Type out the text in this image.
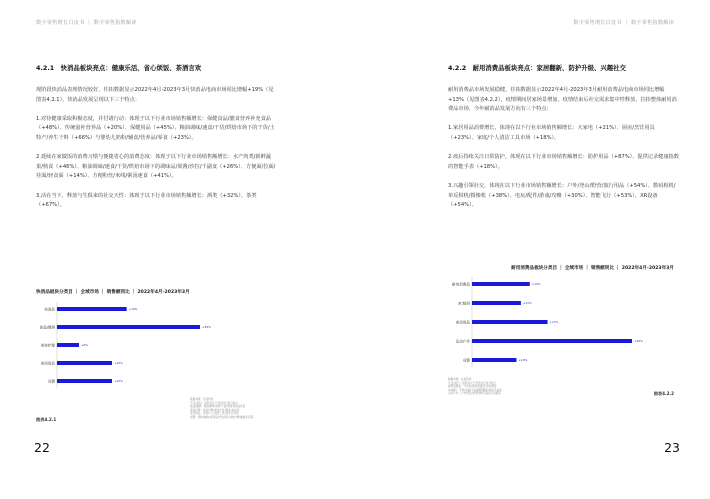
数字零售增长白皮书 ｜ 数字零售指数解读
4.2.1　快消品板块亮点：健康乐活、省心烦饭、茶酒言欢

现阶段快消品表现情况较好，任拓数据显示2022年4月-2023年3月快消品电商市场同比增幅+19%（见图表4.2.1），快消品发展呈现以下三个特点：

1.对待健康采取积极态度，并付诸行动：体现于以下行业市场销售额增长：保健食品/膳食营养补充食品（+48%）、传统滋补营养品（+20%）、保健用品（+45%）、粮油调味/速食/干货/烘焙市场下的干货/土特产/养生干料（+66%）与婴幼儿奶粉/辅食/营养品/零食（+23%）。

2.延续在家做饭的消费习惯与便捷省心的消费态度：体现于以下行业市场销售额增长：水产肉类/新鲜蔬果/熟食（+46%）、粮油调味/速食/干货/烘焙市场下的调味品/果酱/沙拉/千副食（+26%）、方便面/拉面/挂面/轻食面（+14%）、方便粉丝/米线/粥汤速食（+41%）。

3.活在当下，释放与生俱来的社交天性：体现于以下行业市场销售额增长：酒类（+32%）、茶类（+67%）。

快消品板块分类目 ｜ 全域市场 ｜ 销售额同比 ｜ 2022年4月-2023年3月
快消品	+19%
食品/烟酒	+39%
美容护理	+6%
家居用品	+15%
母婴	+15%
数据来源：任拓科技
*行业类目：按照对应子类目进行划分统计
食品/烟酒：粮油调味/速食/干货/烘焙等食品类目
美容护理：美容护理/美发护发/假发/彩妆等
家居用品：家庭/个人清洁工具/居家日用等
母婴：奶粉/辅食/营养品/零食/尿片/洗护/喂哺/推车床等
图表4.2.1
22
数字零售增长白皮书 ｜ 数字零售指数解读
4.2.2　耐用消费品板块亮点：家居翻新、防护升级、兴趣社交

耐用消费品市场发展稳健，任拓数据显示2022年4月-2023年3月耐用消费品电商市场同比增幅+13%（见图表4.2.2），疫情期间居家场景增加，疫情结束后社交需求集中性释放，拉抬整体耐用消费品市场，今年耐消品发展方向有三个特点：

1.家居用品消费增长，体现在以下行业市场销售额增长：大家电（+21%）、厨房/烹饪用具（+23%）、家庭/个人清洁工具市场（+18%）。

2.疫后持续关注日常防护，体现在以下行业市场销售额增长：防护用品（+87%）、提供记录健康指数的智能手表（+18%）。

3.兴趣引领社交，体现在以下行业市场销售额增长：户外/登山/野营/旅行用品（+54%）、数码相机/单反相机/摄像机（+38%）、电玩/配件/游戏/攻略（+30%）、智能飞行（+53%）、XR设备（+54%）。

耐用消费品板块分类目 ｜ 全域市场 ｜ 销售额同比 ｜ 2022年4月-2023年3月
耐用消费品	+13%
3C数码	+11%
家居用品	+17%
运动户外	+36%
母婴	+10%
数据来源：任拓科技
*行业类目：按照对应子类目进行划分统计
耐用消费品：大家电/厨房电器/生活电器等
3C数码：手机/电脑/平板/摄影摄像/智能设备等
运动户外：户外/登山/野营/旅行用品/运动服等	图表4.2.2
23
